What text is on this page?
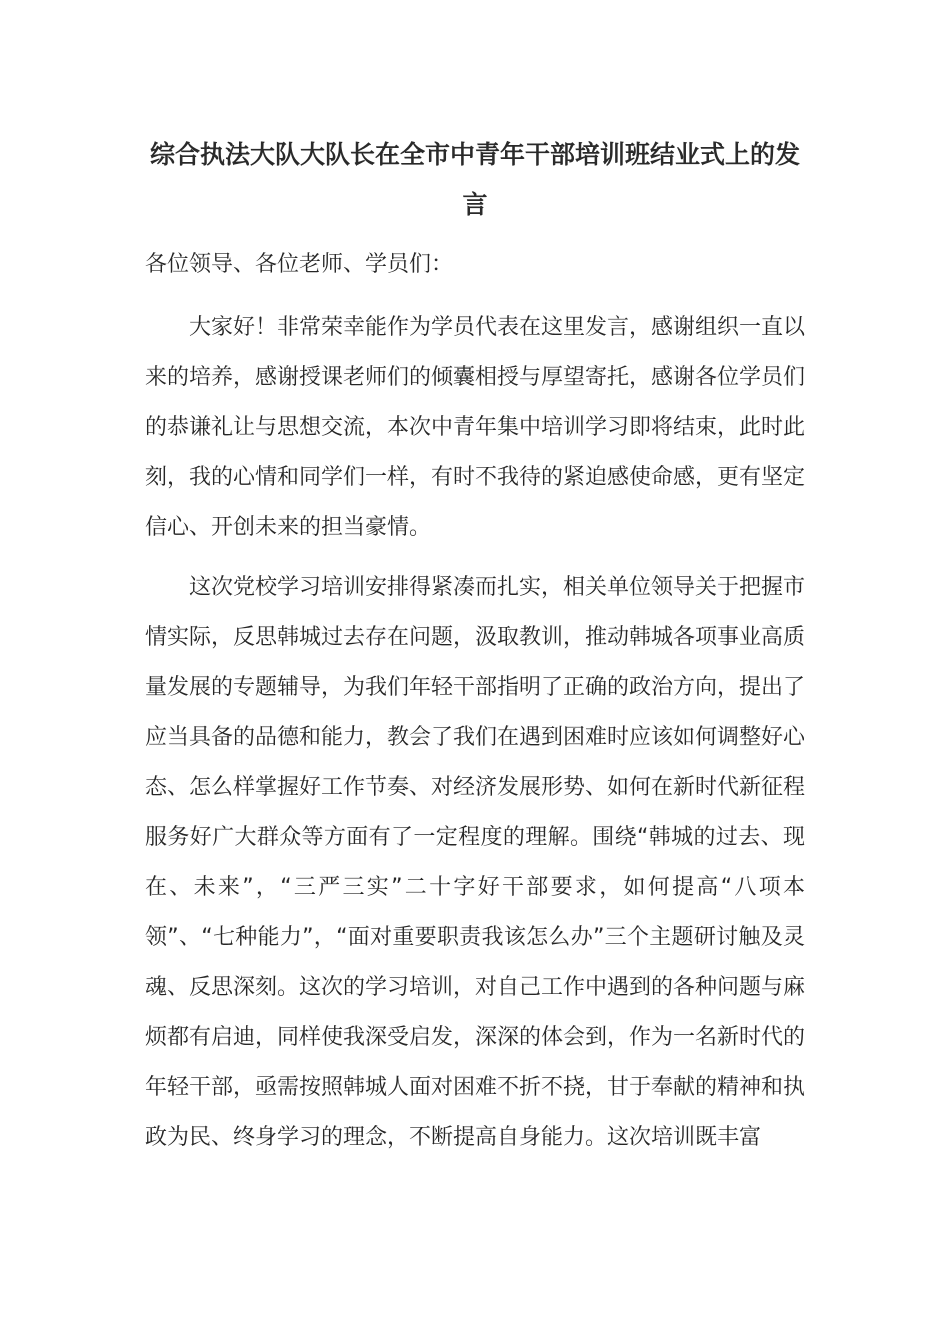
综合执法大队大队长在全市中青年干部培训班结业式上的发言
各位领导、各位老师、学员们：
大家好！非常荣幸能作为学员代表在这里发言，感谢组织一直以来的培养，感谢授课老师们的倾囊相授与厚望寄托，感谢各位学员们的恭谦礼让与思想交流，本次中青年集中培训学习即将结束，此时此刻，我的心情和同学们一样，有时不我待的紧迫感使命感，更有坚定信心、开创未来的担当豪情。
这次党校学习培训安排得紧凑而扎实，相关单位领导关于把握市情实际，反思韩城过去存在问题，汲取教训，推动韩城各项事业高质量发展的专题辅导，为我们年轻干部指明了正确的政治方向，提出了应当具备的品德和能力，教会了我们在遇到困难时应该如何调整好心态、怎么样掌握好工作节奏、对经济发展形势、如何在新时代新征程服务好广大群众等方面有了一定程度的理解。围绕“韩城的过去、现在、未来”，“三严三实”二十字好干部要求，如何提高“八项本领”、“七种能力”，“面对重要职责我该怎么办”三个主题研讨触及灵魂、反思深刻。这次的学习培训，对自己工作中遇到的各种问题与麻烦都有启迪，同样使我深受启发，深深的体会到，作为一名新时代的年轻干部，亟需按照韩城人面对困难不折不挠，甘于奉献的精神和执政为民、终身学习的理念，不断提高自身能力。这次培训既丰富
